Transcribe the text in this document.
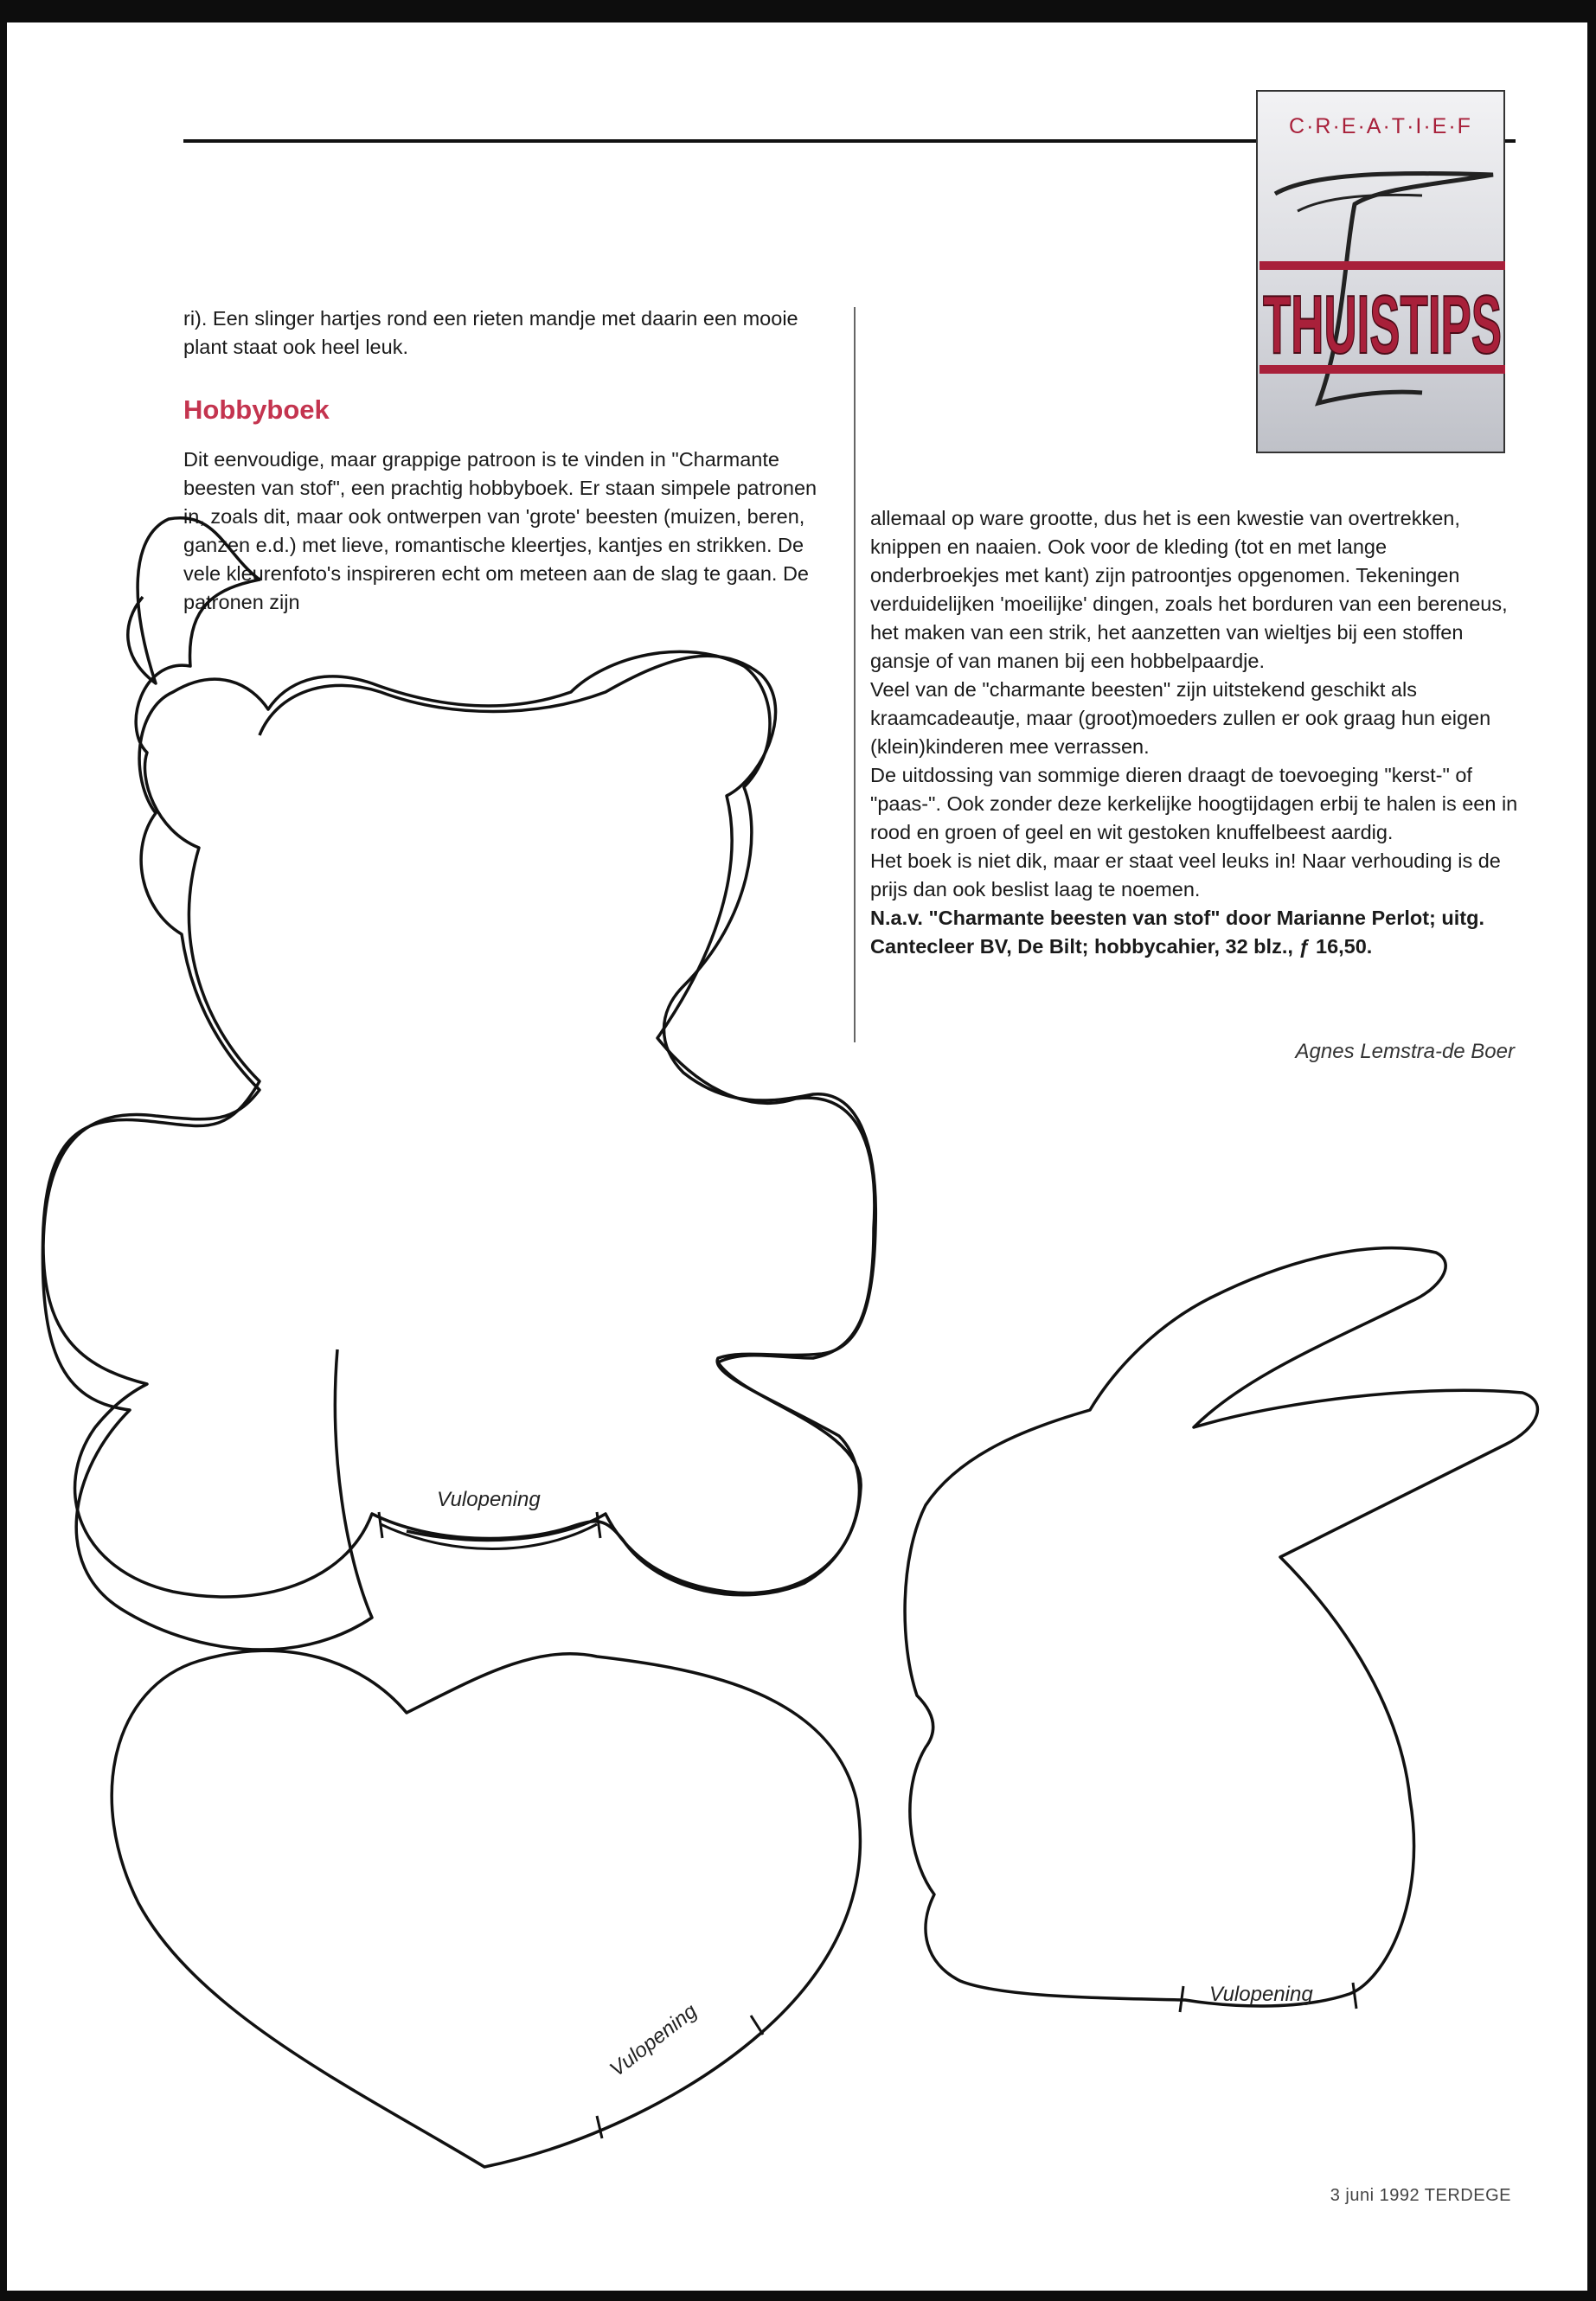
C·R·E·A·T·I·E·F
THUISTIPS

ri). Een slinger hartjes rond een rieten mandje met daarin een mooie plant staat ook heel leuk.

Hobbyboek

Dit eenvoudige, maar grappige patroon is te vinden in "Charmante beesten van stof", een prachtig hobbyboek. Er staan simpele patronen in, zoals dit, maar ook ontwerpen van 'grote' beesten (muizen, beren, ganzen e.d.) met lieve, romantische kleertjes, kantjes en strikken. De vele kleurenfoto's inspireren echt om meteen aan de slag te gaan. De patronen zijn

allemaal op ware grootte, dus het is een kwestie van overtrekken, knippen en naaien. Ook voor de kleding (tot en met lange onderbroekjes met kant) zijn patroontjes opgenomen. Tekeningen verduidelijken 'moeilijke' dingen, zoals het borduren van een bereneus, het maken van een strik, het aanzetten van wieltjes bij een stoffen gansje of van manen bij een hobbelpaardje.

Veel van de "charmante beesten" zijn uitstekend geschikt als kraamcadeautje, maar (groot)moeders zullen er ook graag hun eigen (klein)kinderen mee verrassen.

De uitdossing van sommige dieren draagt de toevoeging "kerst-" of "paas-". Ook zonder deze kerkelijke hoogtijdagen erbij te halen is een in rood en groen of geel en wit gestoken knuffelbeest aardig.

Het boek is niet dik, maar er staat veel leuks in! Naar verhouding is de prijs dan ook beslist laag te noemen.

N.a.v. "Charmante beesten van stof" door Marianne Perlot; uitg. Cantecleer BV, De Bilt; hobbycahier, 32 blz., ƒ 16,50.

Agnes Lemstra-de Boer
Vulopening
Vulopening
Vulopening
3 juni 1992 TERDEGE
